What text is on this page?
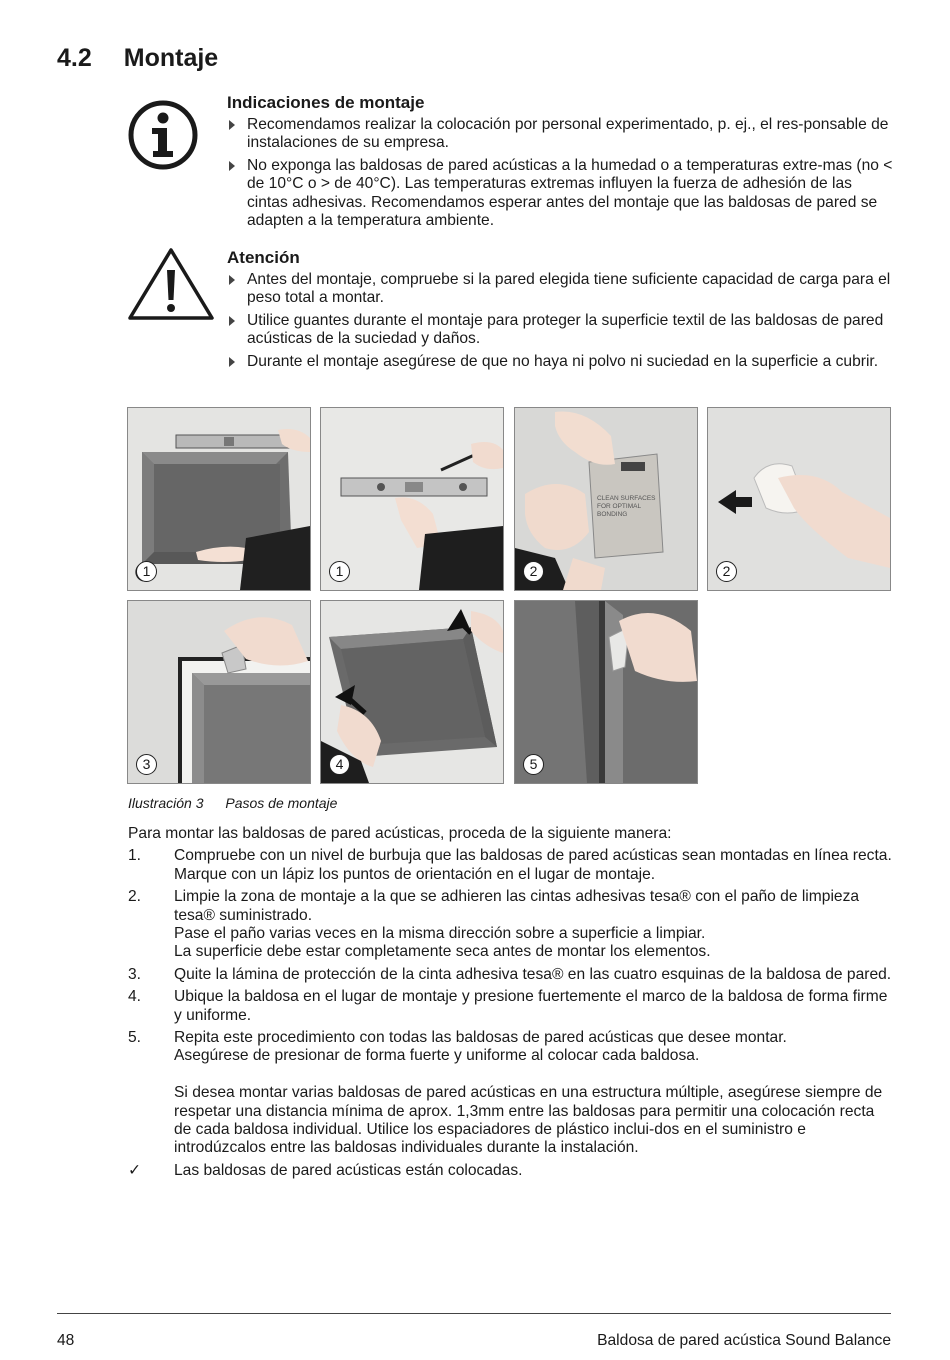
4.2 Montaje
Indicaciones de montaje
Recomendamos realizar la colocación por personal experimentado, p. ej., el res-ponsable de instalaciones de su empresa.
No exponga las baldosas de pared acústicas a la humedad o a temperaturas extre-mas (no < de 10°C o > de 40°C). Las temperaturas extremas influyen la fuerza de adhesión de las cintas adhesivas. Recomendamos esperar antes del montaje que las baldosas de pared se adapten a la temperatura ambiente.
Atención
Antes del montaje, compruebe si la pared elegida tiene suficiente capacidad de carga para el peso total a montar.
Utilice guantes durante el montaje para proteger la superficie textil de las baldosas de pared acústicas de la suciedad y daños.
Durante el montaje asegúrese de que no haya ni polvo ni suciedad en la superficie a cubrir.
1	1
CLEAN SURFACES
FOR OPTIMAL
BONDING
2	2
3	4	5
Ilustración 3 Pasos de montaje
Para montar las baldosas de pared acústicas, proceda de la siguiente manera:
1.	Compruebe con un nivel de burbuja que las baldosas de pared acústicas sean montadas en línea recta.

Marque con un lápiz los puntos de orientación en el lugar de montaje.

2.	Limpie la zona de montaje a la que se adhieren las cintas adhesivas tesa® con el paño de limpieza tesa® suministrado.

Pase el paño varias veces en la misma dirección sobre a superficie a limpiar.

La superficie debe estar completamente seca antes de montar los elementos.

3.	Quite la lámina de protección de la cinta adhesiva tesa® en las cuatro esquinas de la baldosa de pared.

4.	Ubique la baldosa en el lugar de montaje y presione fuertemente el marco de la baldosa de forma firme y uniforme.

5.	Repita este procedimiento con todas las baldosas de pared acústicas que desee montar.

Asegúrese de presionar de forma fuerte y uniforme al colocar cada baldosa.

Si desea montar varias baldosas de pared acústicas en una estructura múltiple, asegúrese siempre de respetar una distancia mínima de aprox. 1,3mm entre las baldosas para permitir una colocación recta de cada baldosa individual. Utilice los espaciadores de plástico inclui-dos en el suministro e introdúzcalos entre las baldosas individuales durante la instalación.

✓	Las baldosas de pared acústicas están colocadas.

48	Baldosa de pared acústica Sound Balance
